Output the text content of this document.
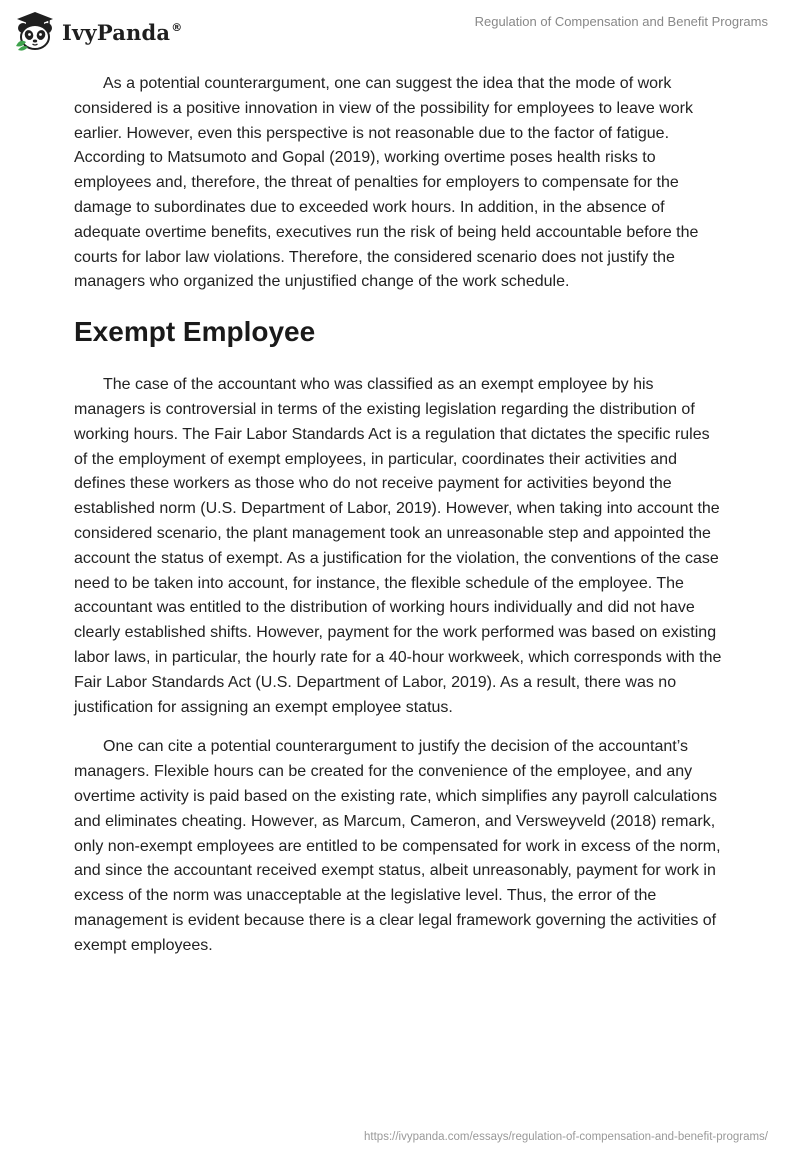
IvyPanda®	Regulation of Compensation and Benefit Programs

As a potential counterargument, one can suggest the idea that the mode of work considered is a positive innovation in view of the possibility for employees to leave work earlier. However, even this perspective is not reasonable due to the factor of fatigue. According to Matsumoto and Gopal (2019), working overtime poses health risks to employees and, therefore, the threat of penalties for employers to compensate for the damage to subordinates due to exceeded work hours. In addition, in the absence of adequate overtime benefits, executives run the risk of being held accountable before the courts for labor law violations. Therefore, the considered scenario does not justify the managers who organized the unjustified change of the work schedule.

Exempt Employee

The case of the accountant who was classified as an exempt employee by his managers is controversial in terms of the existing legislation regarding the distribution of working hours. The Fair Labor Standards Act is a regulation that dictates the specific rules of the employment of exempt employees, in particular, coordinates their activities and defines these workers as those who do not receive payment for activities beyond the established norm (U.S. Department of Labor, 2019). However, when taking into account the considered scenario, the plant management took an unreasonable step and appointed the account the status of exempt. As a justification for the violation, the conventions of the case need to be taken into account, for instance, the flexible schedule of the employee. The accountant was entitled to the distribution of working hours individually and did not have clearly established shifts. However, payment for the work performed was based on existing labor laws, in particular, the hourly rate for a 40-hour workweek, which corresponds with the Fair Labor Standards Act (U.S. Department of Labor, 2019). As a result, there was no justification for assigning an exempt employee status.

One can cite a potential counterargument to justify the decision of the accountant’s managers. Flexible hours can be created for the convenience of the employee, and any overtime activity is paid based on the existing rate, which simplifies any payroll calculations and eliminates cheating. However, as Marcum, Cameron, and Versweyveld (2018) remark, only non-exempt employees are entitled to be compensated for work in excess of the norm, and since the accountant received exempt status, albeit unreasonably, payment for work in excess of the norm was unacceptable at the legislative level. Thus, the error of the management is evident because there is a clear legal framework governing the activities of exempt employees.

https://ivypanda.com/essays/regulation-of-compensation-and-benefit-programs/
